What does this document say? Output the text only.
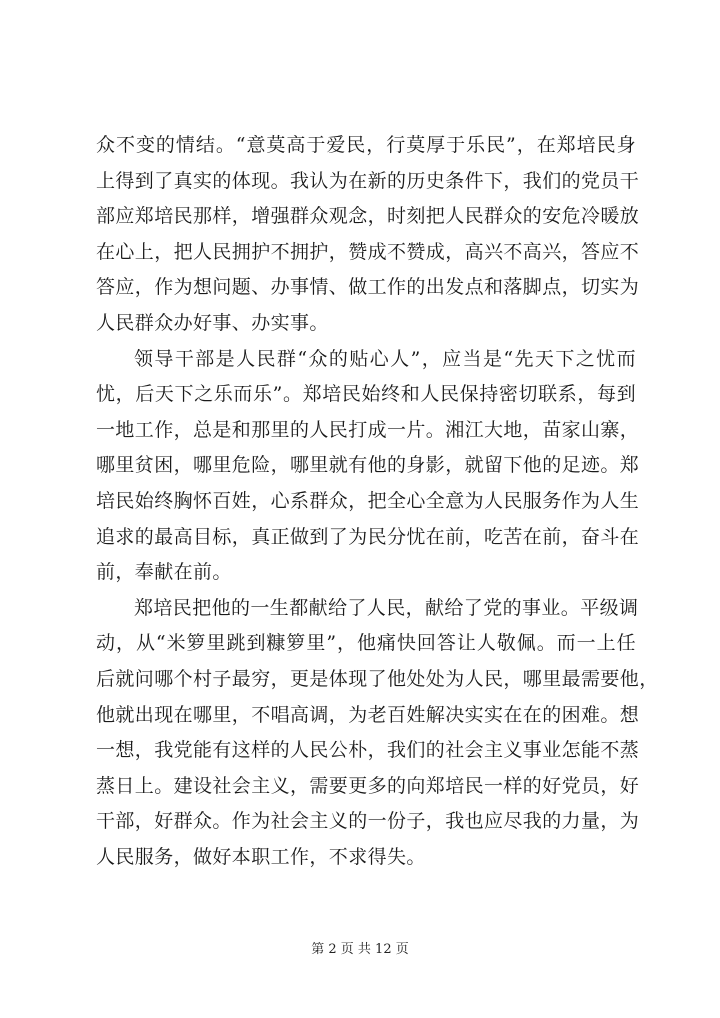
众不变的情结。“意莫高于爱民，行莫厚于乐民”，在郑培民身
上得到了真实的体现。我认为在新的历史条件下，我们的党员干
部应郑培民那样，增强群众观念，时刻把人民群众的安危冷暖放
在心上，把人民拥护不拥护，赞成不赞成，高兴不高兴，答应不
答应，作为想问题、办事情、做工作的出发点和落脚点，切实为
人民群众办好事、办实事。
领导干部是人民群“众的贴心人”，应当是“先天下之忧而
忧，后天下之乐而乐”。郑培民始终和人民保持密切联系，每到
一地工作，总是和那里的人民打成一片。湘江大地，苗家山寨，
哪里贫困，哪里危险，哪里就有他的身影，就留下他的足迹。郑
培民始终胸怀百姓，心系群众，把全心全意为人民服务作为人生
追求的最高目标，真正做到了为民分忧在前，吃苦在前，奋斗在
前，奉献在前。
郑培民把他的一生都献给了人民，献给了党的事业。平级调
动，从“米箩里跳到糠箩里”，他痛快回答让人敬佩。而一上任
后就问哪个村子最穷，更是体现了他处处为人民，哪里最需要他，
他就出现在哪里，不唱高调，为老百姓解决实实在在的困难。想
一想，我党能有这样的人民公朴，我们的社会主义事业怎能不蒸
蒸日上。建设社会主义，需要更多的向郑培民一样的好党员，好
干部，好群众。作为社会主义的一份子，我也应尽我的力量，为
人民服务，做好本职工作，不求得失。
第 2 页 共 12 页
